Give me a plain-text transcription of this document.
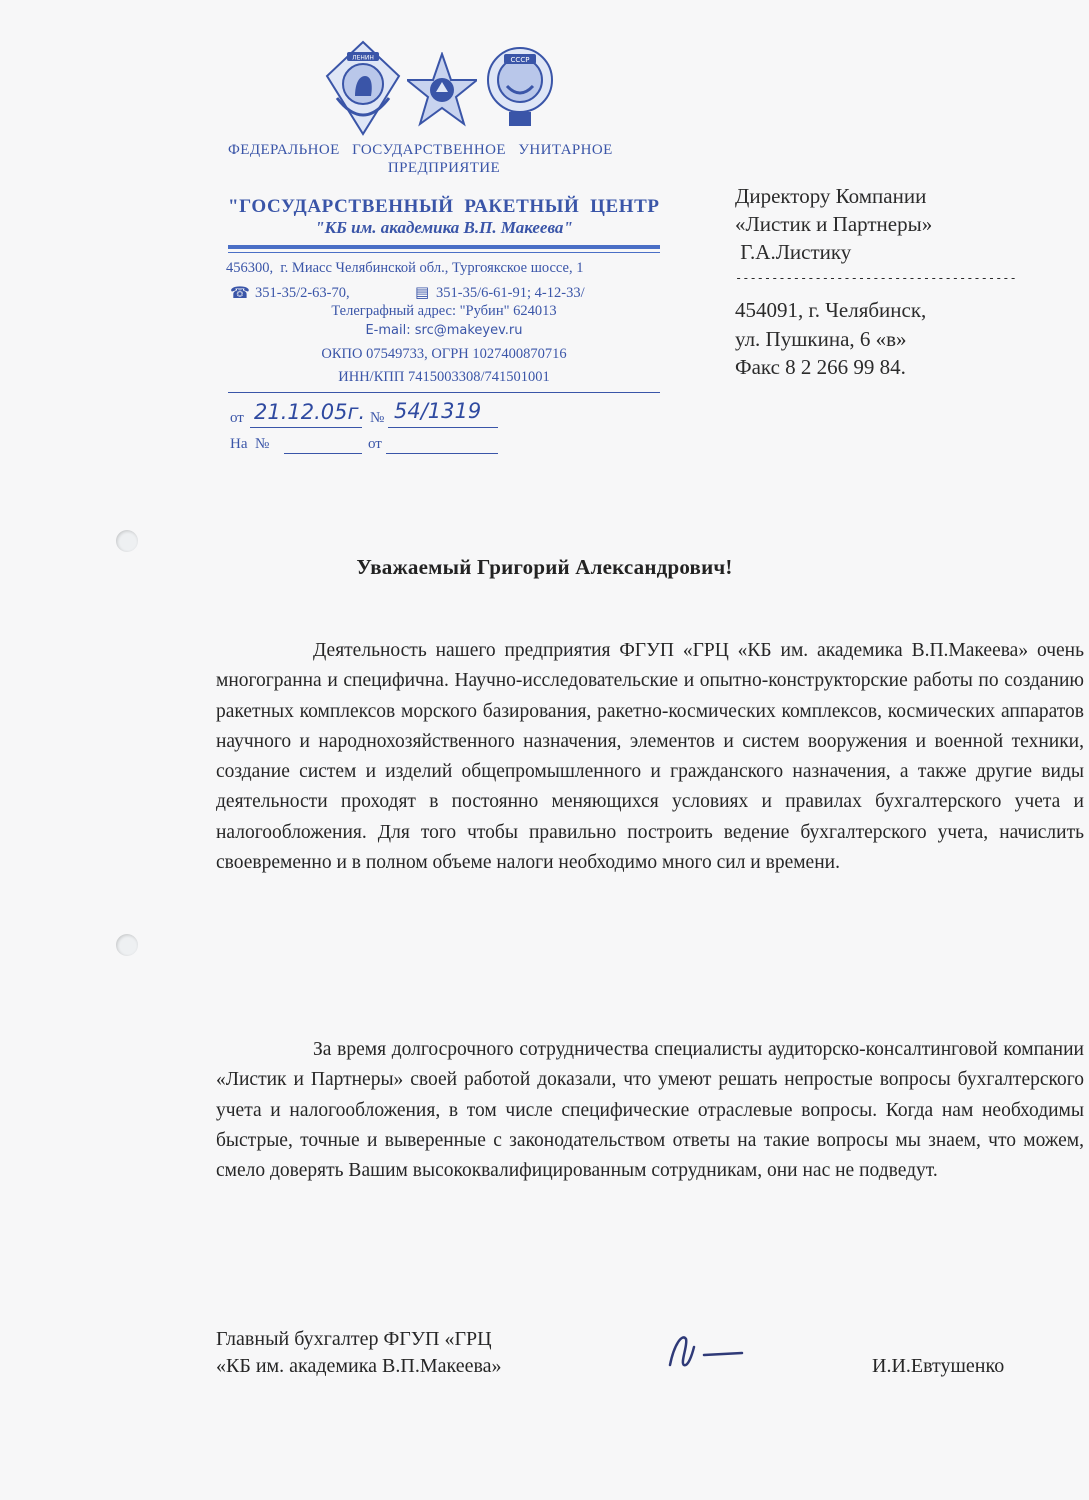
ЛЕНИН	СССР
ФЕДЕРАЛЬНОЕ   ГОСУДАРСТВЕННОЕ   УНИТАРНОЕ
ПРЕДПРИЯТИЕ
"ГОСУДАРСТВЕННЫЙ  РАКЕТНЫЙ  ЦЕНТР
"КБ им. академика В.П. Макеева"
456300,  г. Миасс Челябинской обл., Тургоякское шоссе, 1
☎ 351-35/2-63-70,	▤ 351-35/6-61-91; 4-12-33/
Телеграфный адрес: "Рубин" 624013
E-mail: src@makeyev.ru
ОКПО 07549733, ОГРН 1027400870716
ИНН/КПП 7415003308/741501001
от 21.12.05г. № 54/1319
На  №	от
Директору Компании
«Листик и Партнеры»
Г.А.Листику
---------------------------------------
454091, г. Челябинск,
ул. Пушкина, 6 «в»
Факс 8 2 266 99 84.
Уважаемый Григорий Александрович!
Деятельность нашего предприятия ФГУП «ГРЦ «КБ им. академика В.П.Макеева» очень многогранна и специфична. Научно-исследовательские и опытно-конструкторские работы по созданию ракетных комплексов морского базирования, ракетно-космических комплексов, космических аппаратов научного и народнохозяйственного назначения, элементов и систем вооружения и военной техники, создание систем и изделий общепромышленного и гражданского назначения, а также другие виды деятельности проходят в постоянно меняющихся условиях и правилах бухгалтерского учета и налогообложения. Для того чтобы правильно построить ведение бухгалтерского учета, начислить своевременно и в полном объеме налоги необходимо много сил и времени.
За время долгосрочного сотрудничества специалисты аудиторско-консалтинговой компании «Листик и Партнеры» своей работой доказали, что умеют решать непростые вопросы бухгалтерского учета и налогообложения, в том числе специфические отраслевые вопросы. Когда нам необходимы быстрые, точные и выверенные с законодательством ответы на такие вопросы мы знаем, что можем, смело доверять Вашим высококвалифицированным сотрудникам, они нас не подведут.
Главный бухгалтер ФГУП «ГРЦ
«КБ им. академика В.П.Макеева»	И.И.Евтушенко
